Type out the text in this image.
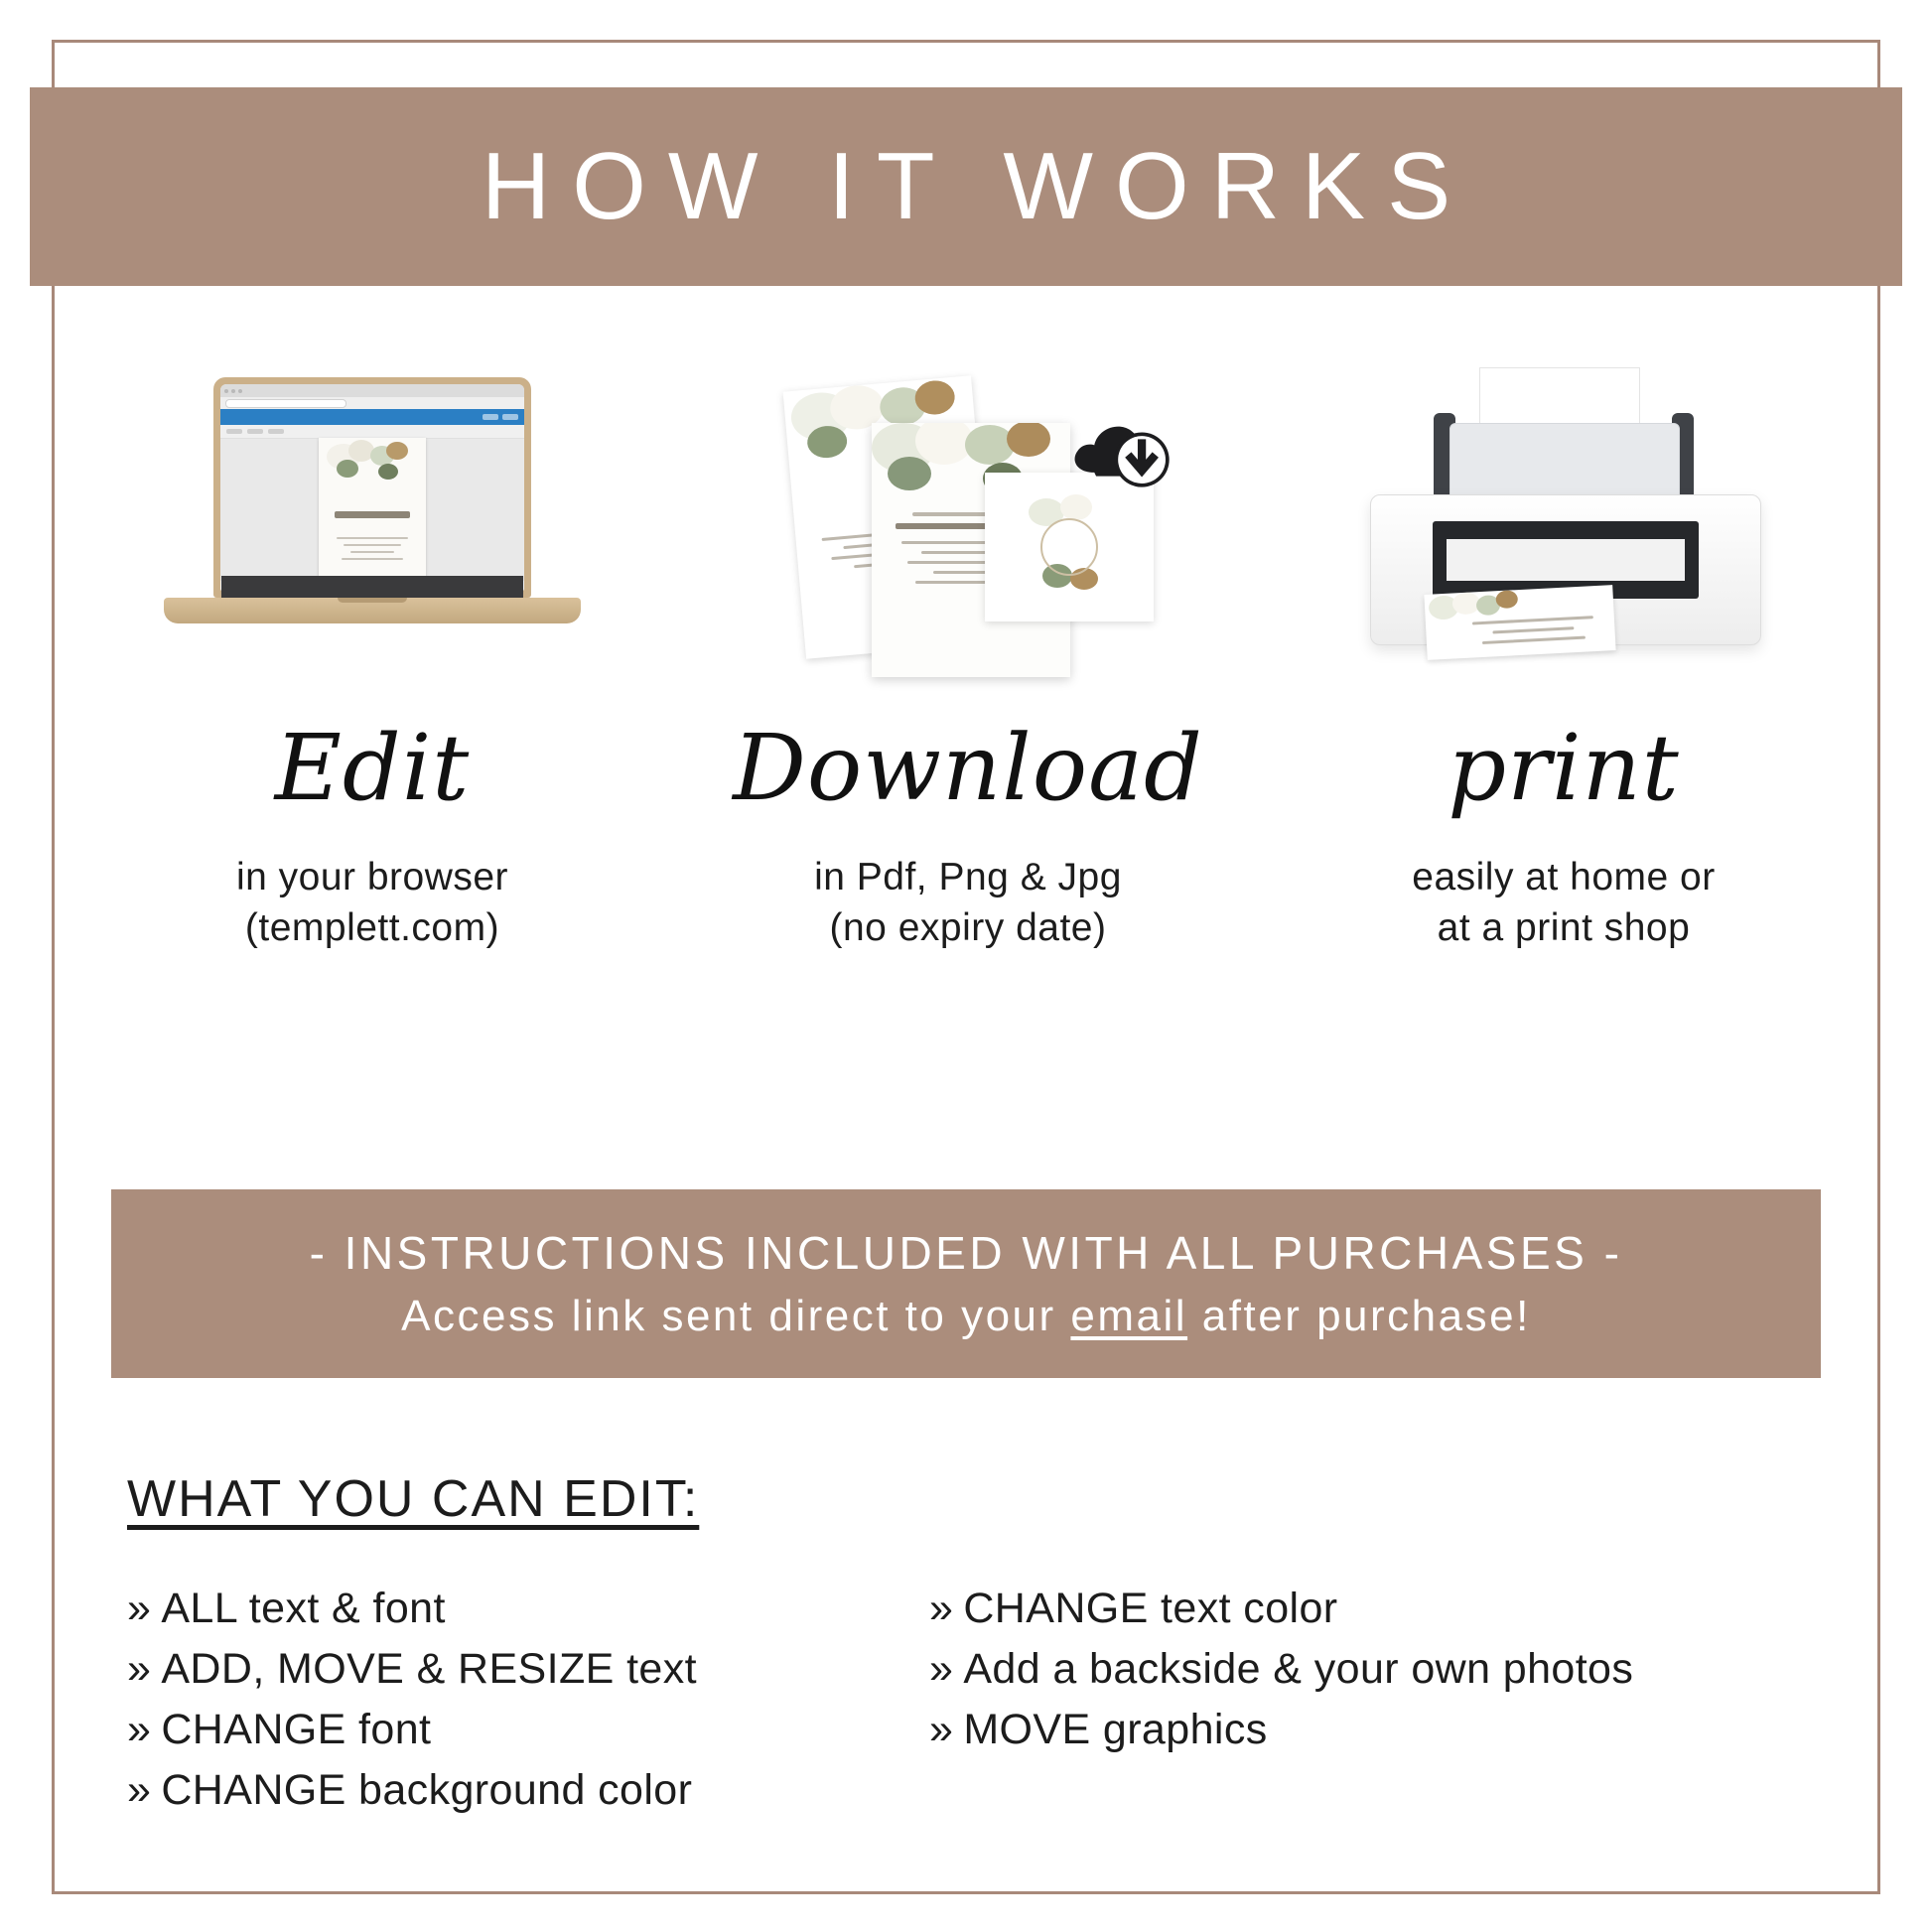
HOW IT WORKS
Edit
in your browser
(templett.com)
Download
in Pdf, Png & Jpg
(no expiry date)
print
easily at home or
at a print shop
- INSTRUCTIONS INCLUDED WITH ALL PURCHASES -
Access link sent direct to your email after purchase!
WHAT YOU CAN EDIT:
» ALL text & font
» ADD, MOVE & RESIZE text
» CHANGE font
» CHANGE background color
» CHANGE text color
» Add a backside & your own photos
» MOVE graphics
